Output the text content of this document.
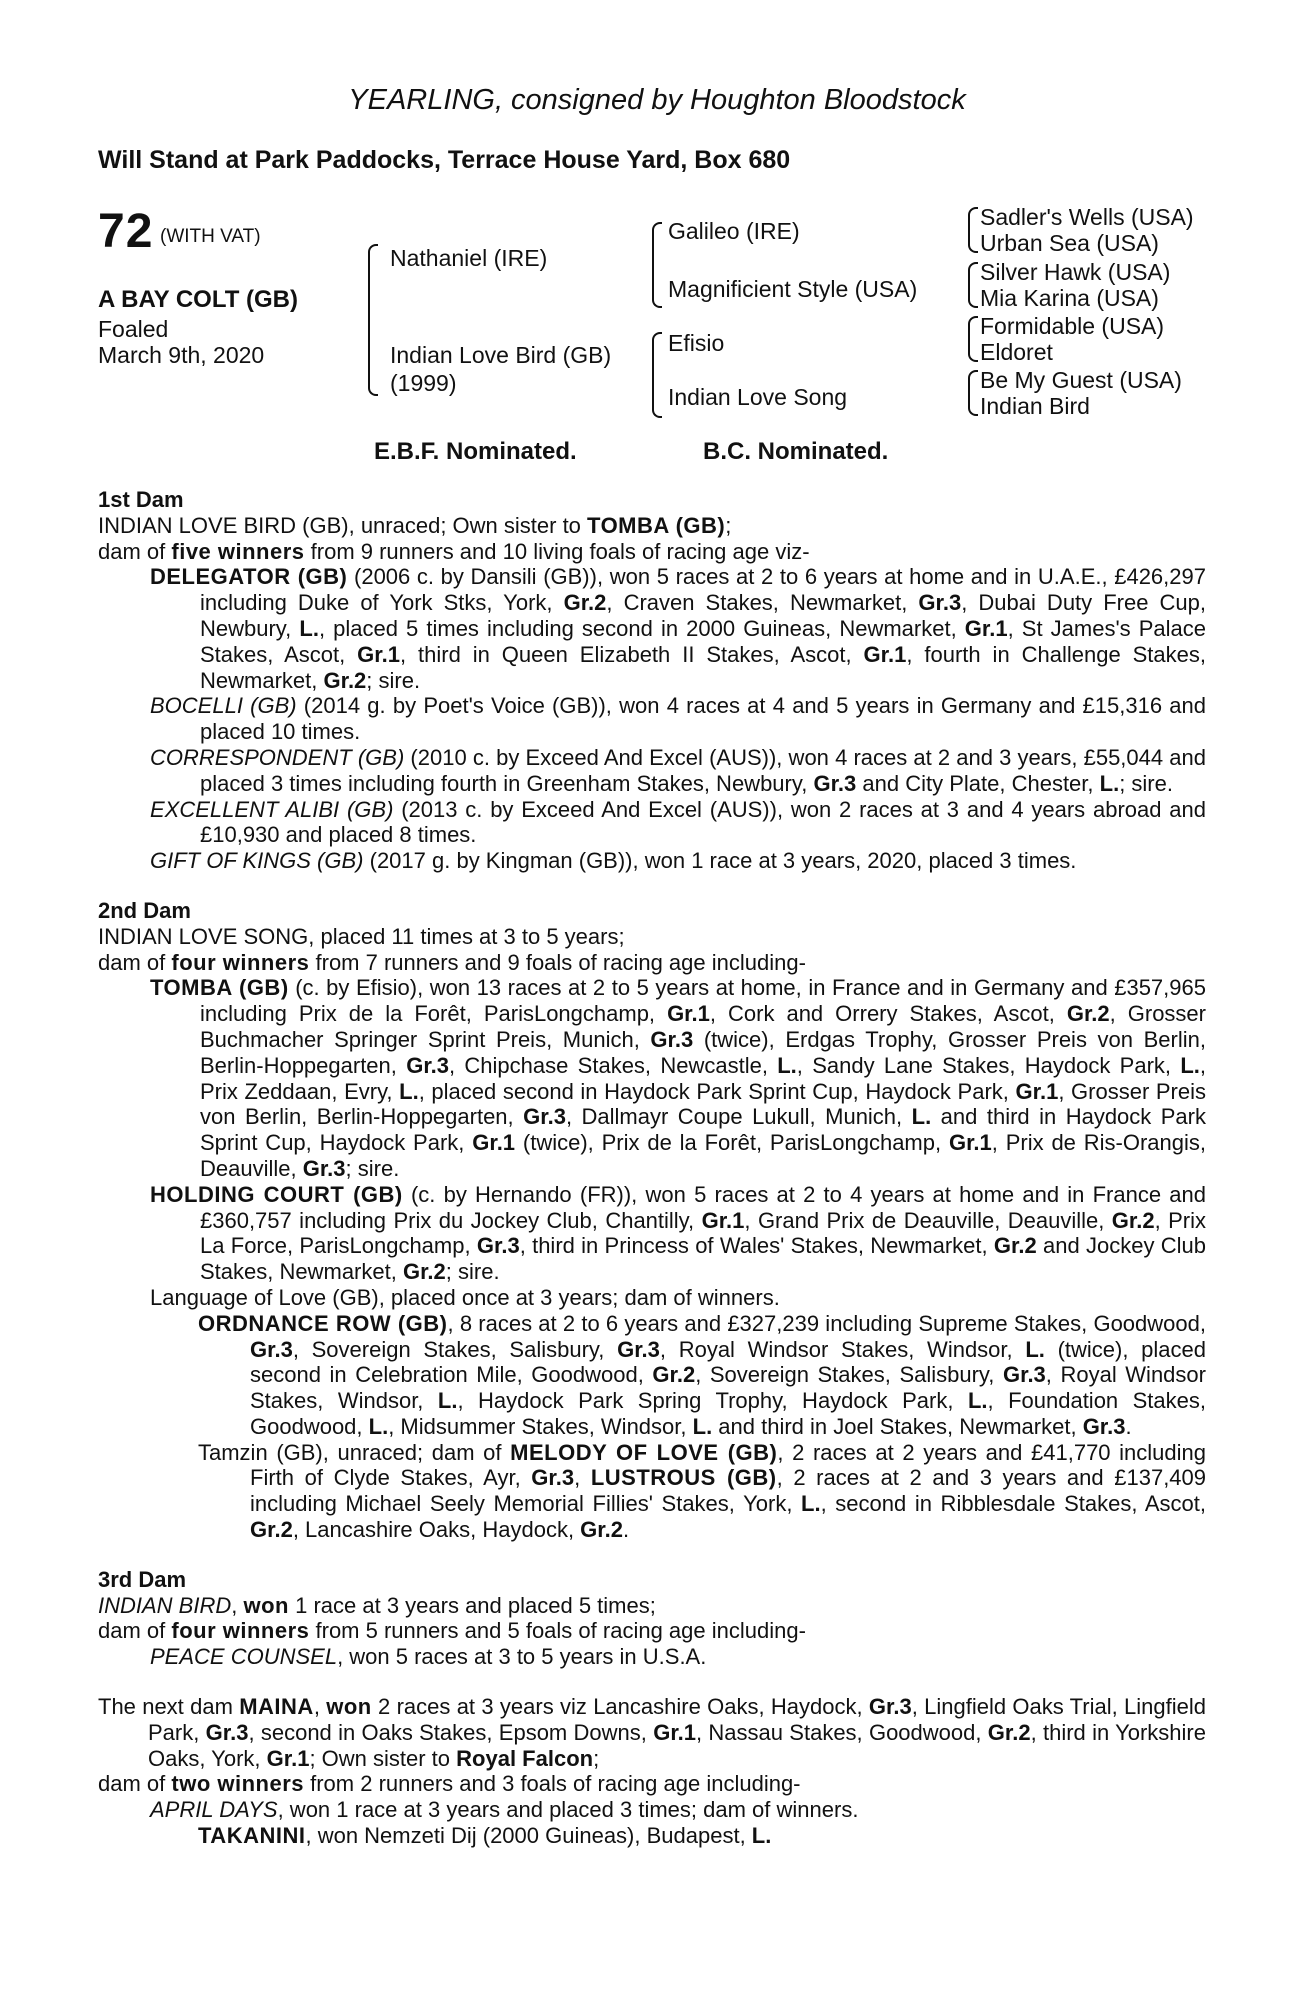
YEARLING, consigned by Houghton Bloodstock
Will Stand at Park Paddocks, Terrace House Yard, Box 680
72 (WITH VAT)
A BAY COLT (GB)
Foaled
March 9th, 2020
Nathaniel (IRE)
Indian Love Bird (GB)
(1999)
Galileo (IRE)
Magnificient Style (USA)
Efisio
Indian Love Song
Sadler's Wells (USA)
Urban Sea (USA)
Silver Hawk (USA)
Mia Karina (USA)
Formidable (USA)
Eldoret
Be My Guest (USA)
Indian Bird
E.B.F. Nominated.	B.C. Nominated.
1st Dam

INDIAN LOVE BIRD (GB), unraced; Own sister to TOMBA (GB);

dam of five winners from 9 runners and 10 living foals of racing age viz-

DELEGATOR (GB) (2006 c. by Dansili (GB)), won 5 races at 2 to 6 years at home and in U.A.E., £426,297 including Duke of York Stks, York, Gr.2, Craven Stakes, Newmarket, Gr.3, Dubai Duty Free Cup, Newbury, L., placed 5 times including second in 2000 Guineas, Newmarket, Gr.1, St James's Palace Stakes, Ascot, Gr.1, third in Queen Elizabeth II Stakes, Ascot, Gr.1, fourth in Challenge Stakes, Newmarket, Gr.2; sire.

BOCELLI (GB) (2014 g. by Poet's Voice (GB)), won 4 races at 4 and 5 years in Germany and £15,316 and placed 10 times.

CORRESPONDENT (GB) (2010 c. by Exceed And Excel (AUS)), won 4 races at 2 and 3 years, £55,044 and placed 3 times including fourth in Greenham Stakes, Newbury, Gr.3 and City Plate, Chester, L.; sire.

EXCELLENT ALIBI (GB) (2013 c. by Exceed And Excel (AUS)), won 2 races at 3 and 4 years abroad and £10,930 and placed 8 times.

GIFT OF KINGS (GB) (2017 g. by Kingman (GB)), won 1 race at 3 years, 2020, placed 3 times.

2nd Dam

INDIAN LOVE SONG, placed 11 times at 3 to 5 years;

dam of four winners from 7 runners and 9 foals of racing age including-

TOMBA (GB) (c. by Efisio), won 13 races at 2 to 5 years at home, in France and in Germany and £357,965 including Prix de la Forêt, ParisLongchamp, Gr.1, Cork and Orrery Stakes, Ascot, Gr.2, Grosser Buchmacher Springer Sprint Preis, Munich, Gr.3 (twice), Erdgas Trophy, Grosser Preis von Berlin, Berlin-Hoppegarten, Gr.3, Chipchase Stakes, Newcastle, L., Sandy Lane Stakes, Haydock Park, L., Prix Zeddaan, Evry, L., placed second in Haydock Park Sprint Cup, Haydock Park, Gr.1, Grosser Preis von Berlin, Berlin-Hoppegarten, Gr.3, Dallmayr Coupe Lukull, Munich, L. and third in Haydock Park Sprint Cup, Haydock Park, Gr.1 (twice), Prix de la Forêt, ParisLongchamp, Gr.1, Prix de Ris-Orangis, Deauville, Gr.3; sire.

HOLDING COURT (GB) (c. by Hernando (FR)), won 5 races at 2 to 4 years at home and in France and £360,757 including Prix du Jockey Club, Chantilly, Gr.1, Grand Prix de Deauville, Deauville, Gr.2, Prix La Force, ParisLongchamp, Gr.3, third in Princess of Wales' Stakes, Newmarket, Gr.2 and Jockey Club Stakes, Newmarket, Gr.2; sire.

Language of Love (GB), placed once at 3 years; dam of winners.

ORDNANCE ROW (GB), 8 races at 2 to 6 years and £327,239 including Supreme Stakes, Goodwood, Gr.3, Sovereign Stakes, Salisbury, Gr.3, Royal Windsor Stakes, Windsor, L. (twice), placed second in Celebration Mile, Goodwood, Gr.2, Sovereign Stakes, Salisbury, Gr.3, Royal Windsor Stakes, Windsor, L., Haydock Park Spring Trophy, Haydock Park, L., Foundation Stakes, Goodwood, L., Midsummer Stakes, Windsor, L. and third in Joel Stakes, Newmarket, Gr.3.

Tamzin (GB), unraced; dam of MELODY OF LOVE (GB), 2 races at 2 years and £41,770 including Firth of Clyde Stakes, Ayr, Gr.3, LUSTROUS (GB), 2 races at 2 and 3 years and £137,409 including Michael Seely Memorial Fillies' Stakes, York, L., second in Ribblesdale Stakes, Ascot, Gr.2, Lancashire Oaks, Haydock, Gr.2.

3rd Dam

INDIAN BIRD, won 1 race at 3 years and placed 5 times;

dam of four winners from 5 runners and 5 foals of racing age including-

PEACE COUNSEL, won 5 races at 3 to 5 years in U.S.A.

The next dam MAINA, won 2 races at 3 years viz Lancashire Oaks, Haydock, Gr.3, Lingfield Oaks Trial, Lingfield Park, Gr.3, second in Oaks Stakes, Epsom Downs, Gr.1, Nassau Stakes, Goodwood, Gr.2, third in Yorkshire Oaks, York, Gr.1; Own sister to Royal Falcon;

dam of two winners from 2 runners and 3 foals of racing age including-

APRIL DAYS, won 1 race at 3 years and placed 3 times; dam of winners.

TAKANINI, won Nemzeti Dij (2000 Guineas), Budapest, L.
